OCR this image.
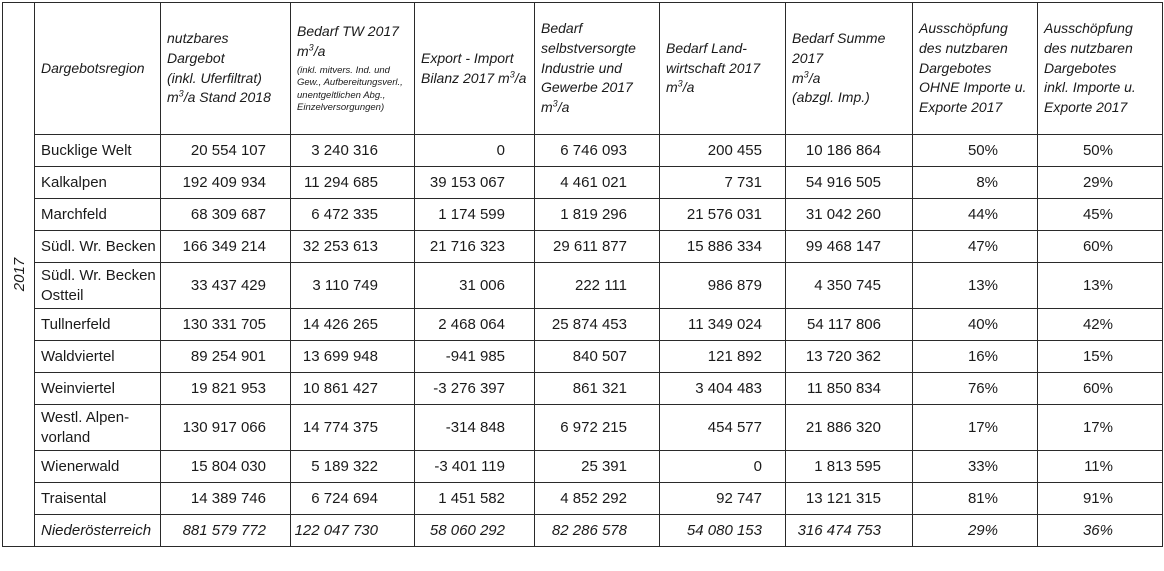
2017	Dargebotsregion	nutzbares
Dargebot
(inkl. Uferfiltrat)
$m^3/a$ Stand 2018	Bedarf TW 2017
$m^3/a$
(inkl. mitvers. Ind. und Gew., Aufbereitungsverl., unentgeltlichen Abg., Einzelversorgungen)	Export - Import
Bilanz 2017 $m^3/a$	Bedarf
selbstversorgte
Industrie und
Gewerbe 2017
$m^3/a$	Bedarf Land-
wirtschaft 2017
$m^3/a$	Bedarf Summe
2017
$m^3/a$
(abzgl. Imp.)	Ausschöpfung
des nutzbaren
Dargebotes
OHNE Importe u.
Exporte 2017	Ausschöpfung
des nutzbaren
Dargebotes
inkl. Importe u.
Exporte 2017
	Bucklige Welt	20 554 107	3 240 316	0	6 746 093	200 455	10 186 864	50%	50%
	Kalkalpen	192 409 934	11 294 685	39 153 067	4 461 021	7 731	54 916 505	8%	29%
	Marchfeld	68 309 687	6 472 335	1 174 599	1 819 296	21 576 031	31 042 260	44%	45%
	Südl. Wr. Becken	166 349 214	32 253 613	21 716 323	29 611 877	15 886 334	99 468 147	47%	60%
	Südl. Wr. Becken Ostteil	33 437 429	3 110 749	31 006	222 111	986 879	4 350 745	13%	13%
	Tullnerfeld	130 331 705	14 426 265	2 468 064	25 874 453	11 349 024	54 117 806	40%	42%
	Waldviertel	89 254 901	13 699 948	-941 985	840 507	121 892	13 720 362	16%	15%
	Weinviertel	19 821 953	10 861 427	-3 276 397	861 321	3 404 483	11 850 834	76%	60%
	Westl. Alpen-vorland	130 917 066	14 774 375	-314 848	6 972 215	454 577	21 886 320	17%	17%
	Wienerwald	15 804 030	5 189 322	-3 401 119	25 391	0	1 813 595	33%	11%
	Traisental	14 389 746	6 724 694	1 451 582	4 852 292	92 747	13 121 315	81%	91%
	Niederösterreich	881 579 772	122 047 730	58 060 292	82 286 578	54 080 153	316 474 753	29%	36%
